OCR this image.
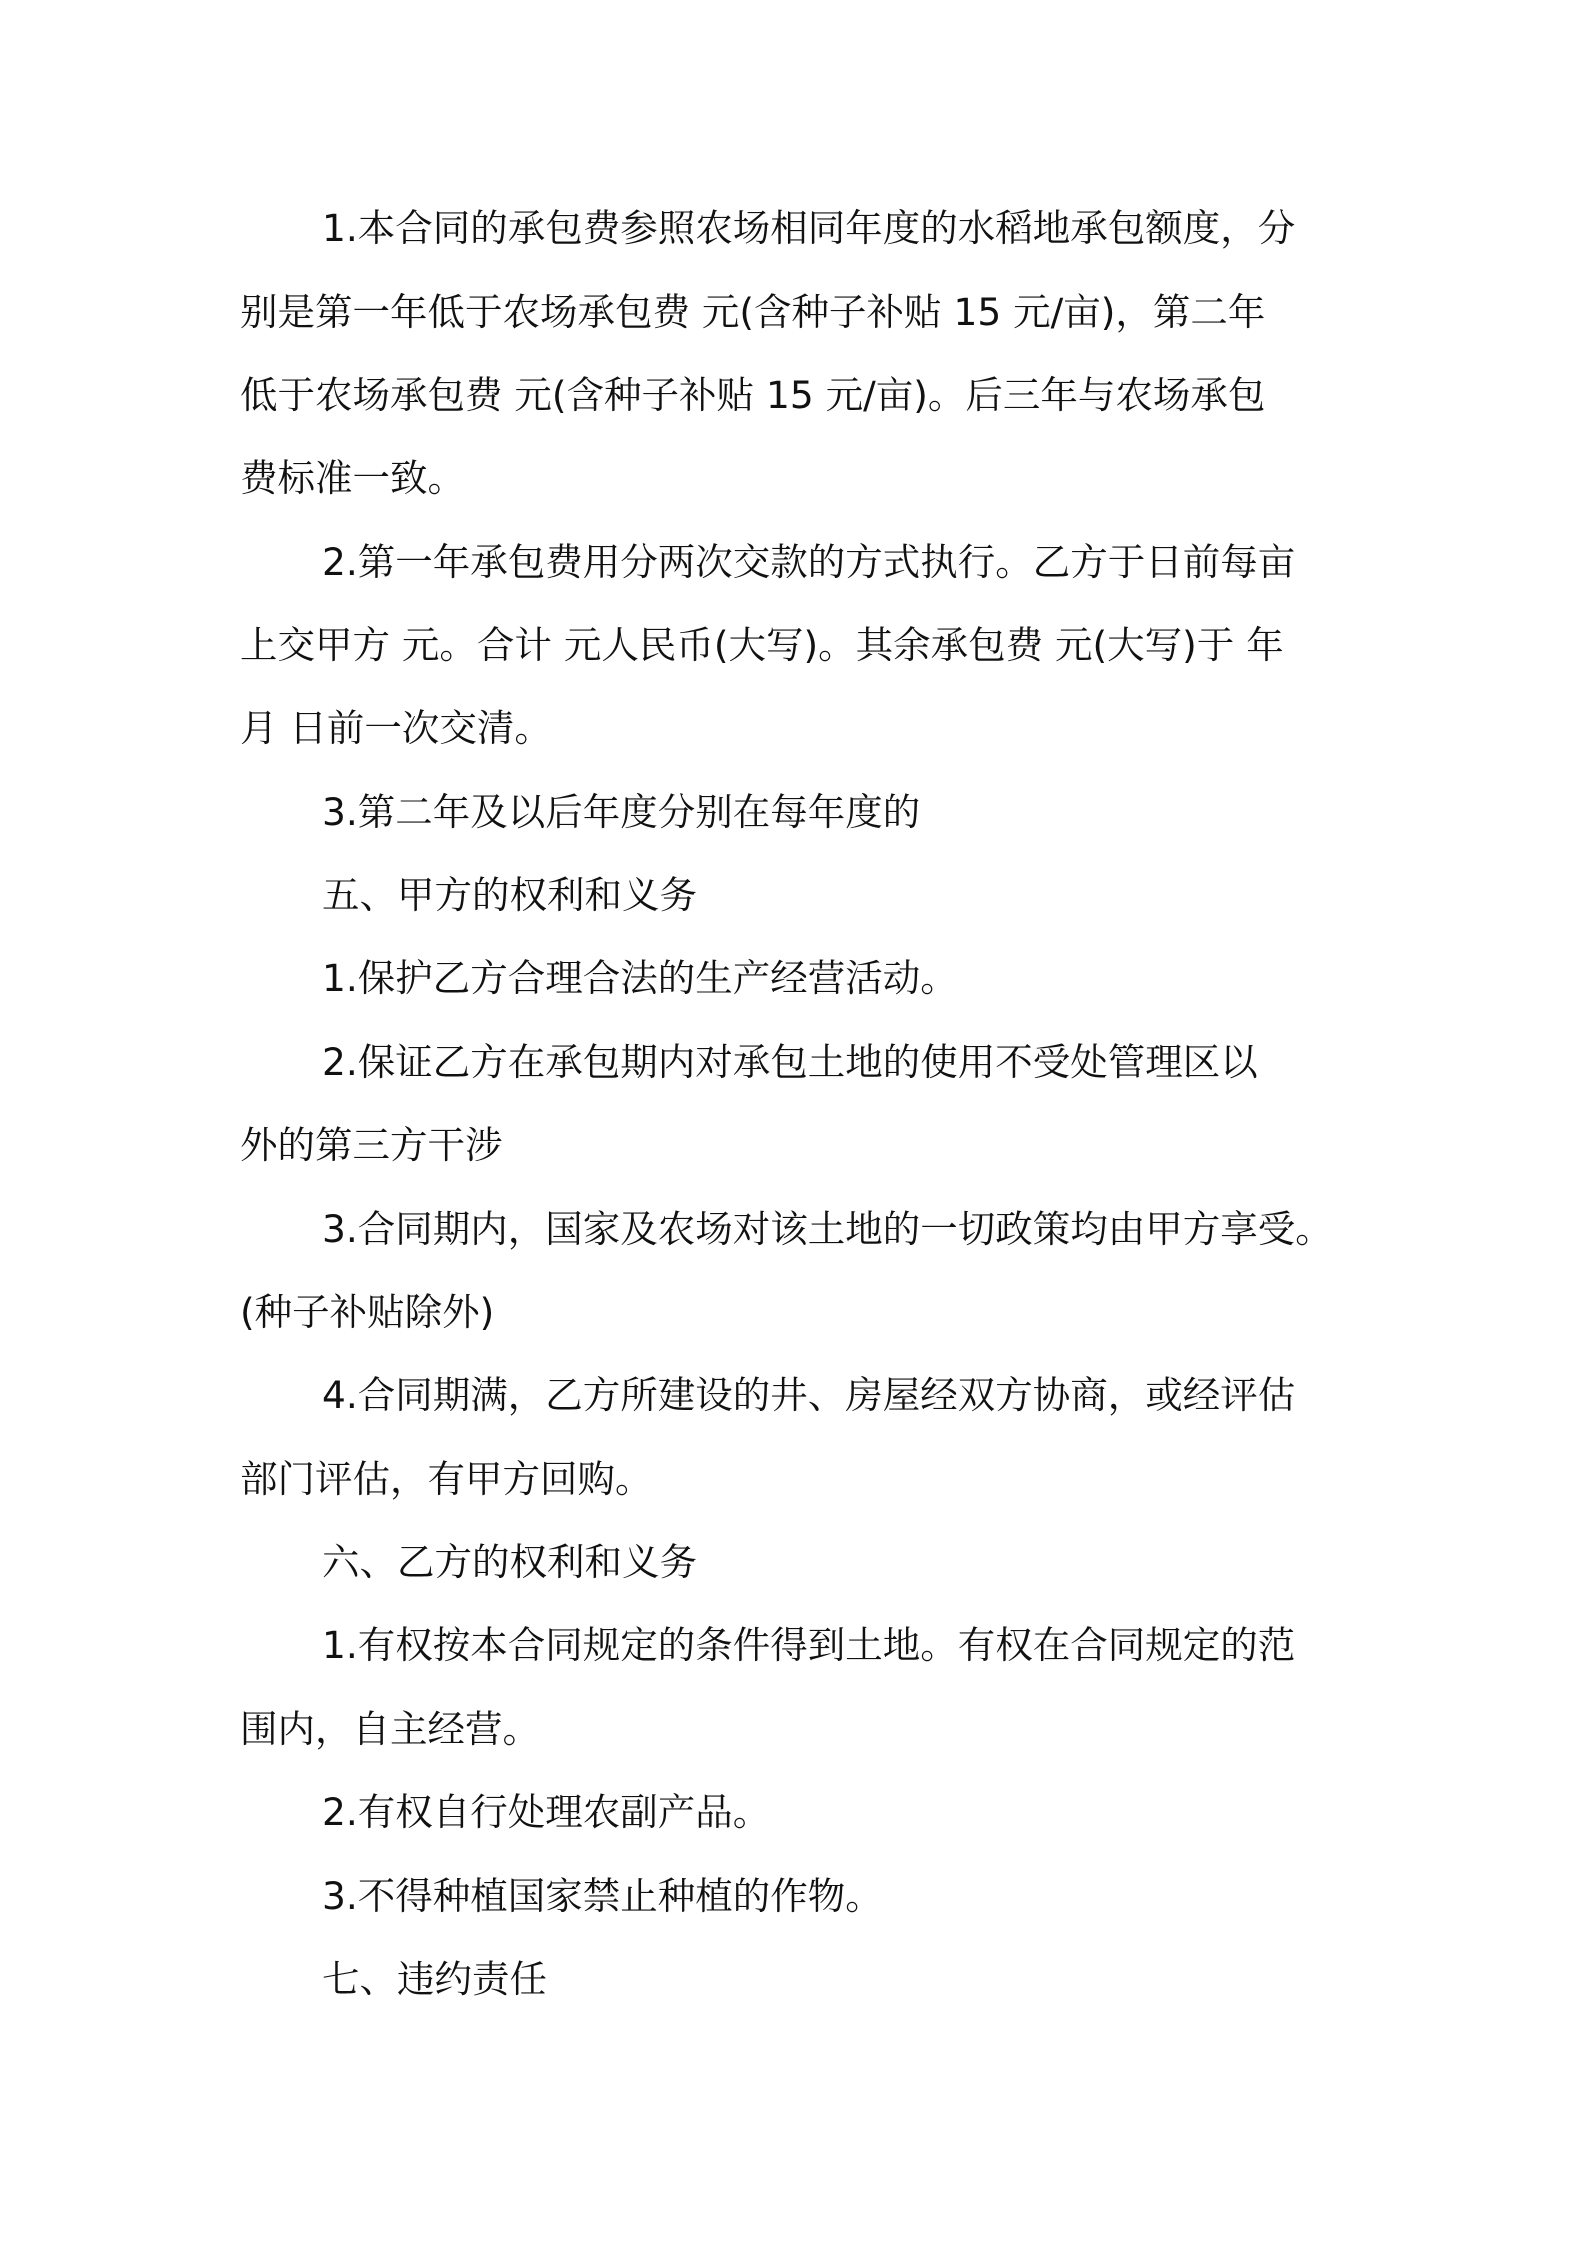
1.本合同的承包费参照农场相同年度的水稻地承包额度，分
别是第一年低于农场承包费 元(含种子补贴 15 元/亩)，第二年
低于农场承包费 元(含种子补贴 15 元/亩)。后三年与农场承包
费标准一致。
2.第一年承包费用分两次交款的方式执行。乙方于日前每亩
上交甲方 元。合计 元人民币(大写)。其余承包费 元(大写)于 年
月 日前一次交清。
3.第二年及以后年度分别在每年度的
五、甲方的权利和义务
1.保护乙方合理合法的生产经营活动。
2.保证乙方在承包期内对承包土地的使用不受处管理区以
外的第三方干涉
3.合同期内，国家及农场对该土地的一切政策均由甲方享受。
(种子补贴除外)
4.合同期满，乙方所建设的井、房屋经双方协商，或经评估
部门评估，有甲方回购。
六、乙方的权利和义务
1.有权按本合同规定的条件得到土地。有权在合同规定的范
围内，自主经营。
2.有权自行处理农副产品。
3.不得种植国家禁止种植的作物。
七、违约责任
